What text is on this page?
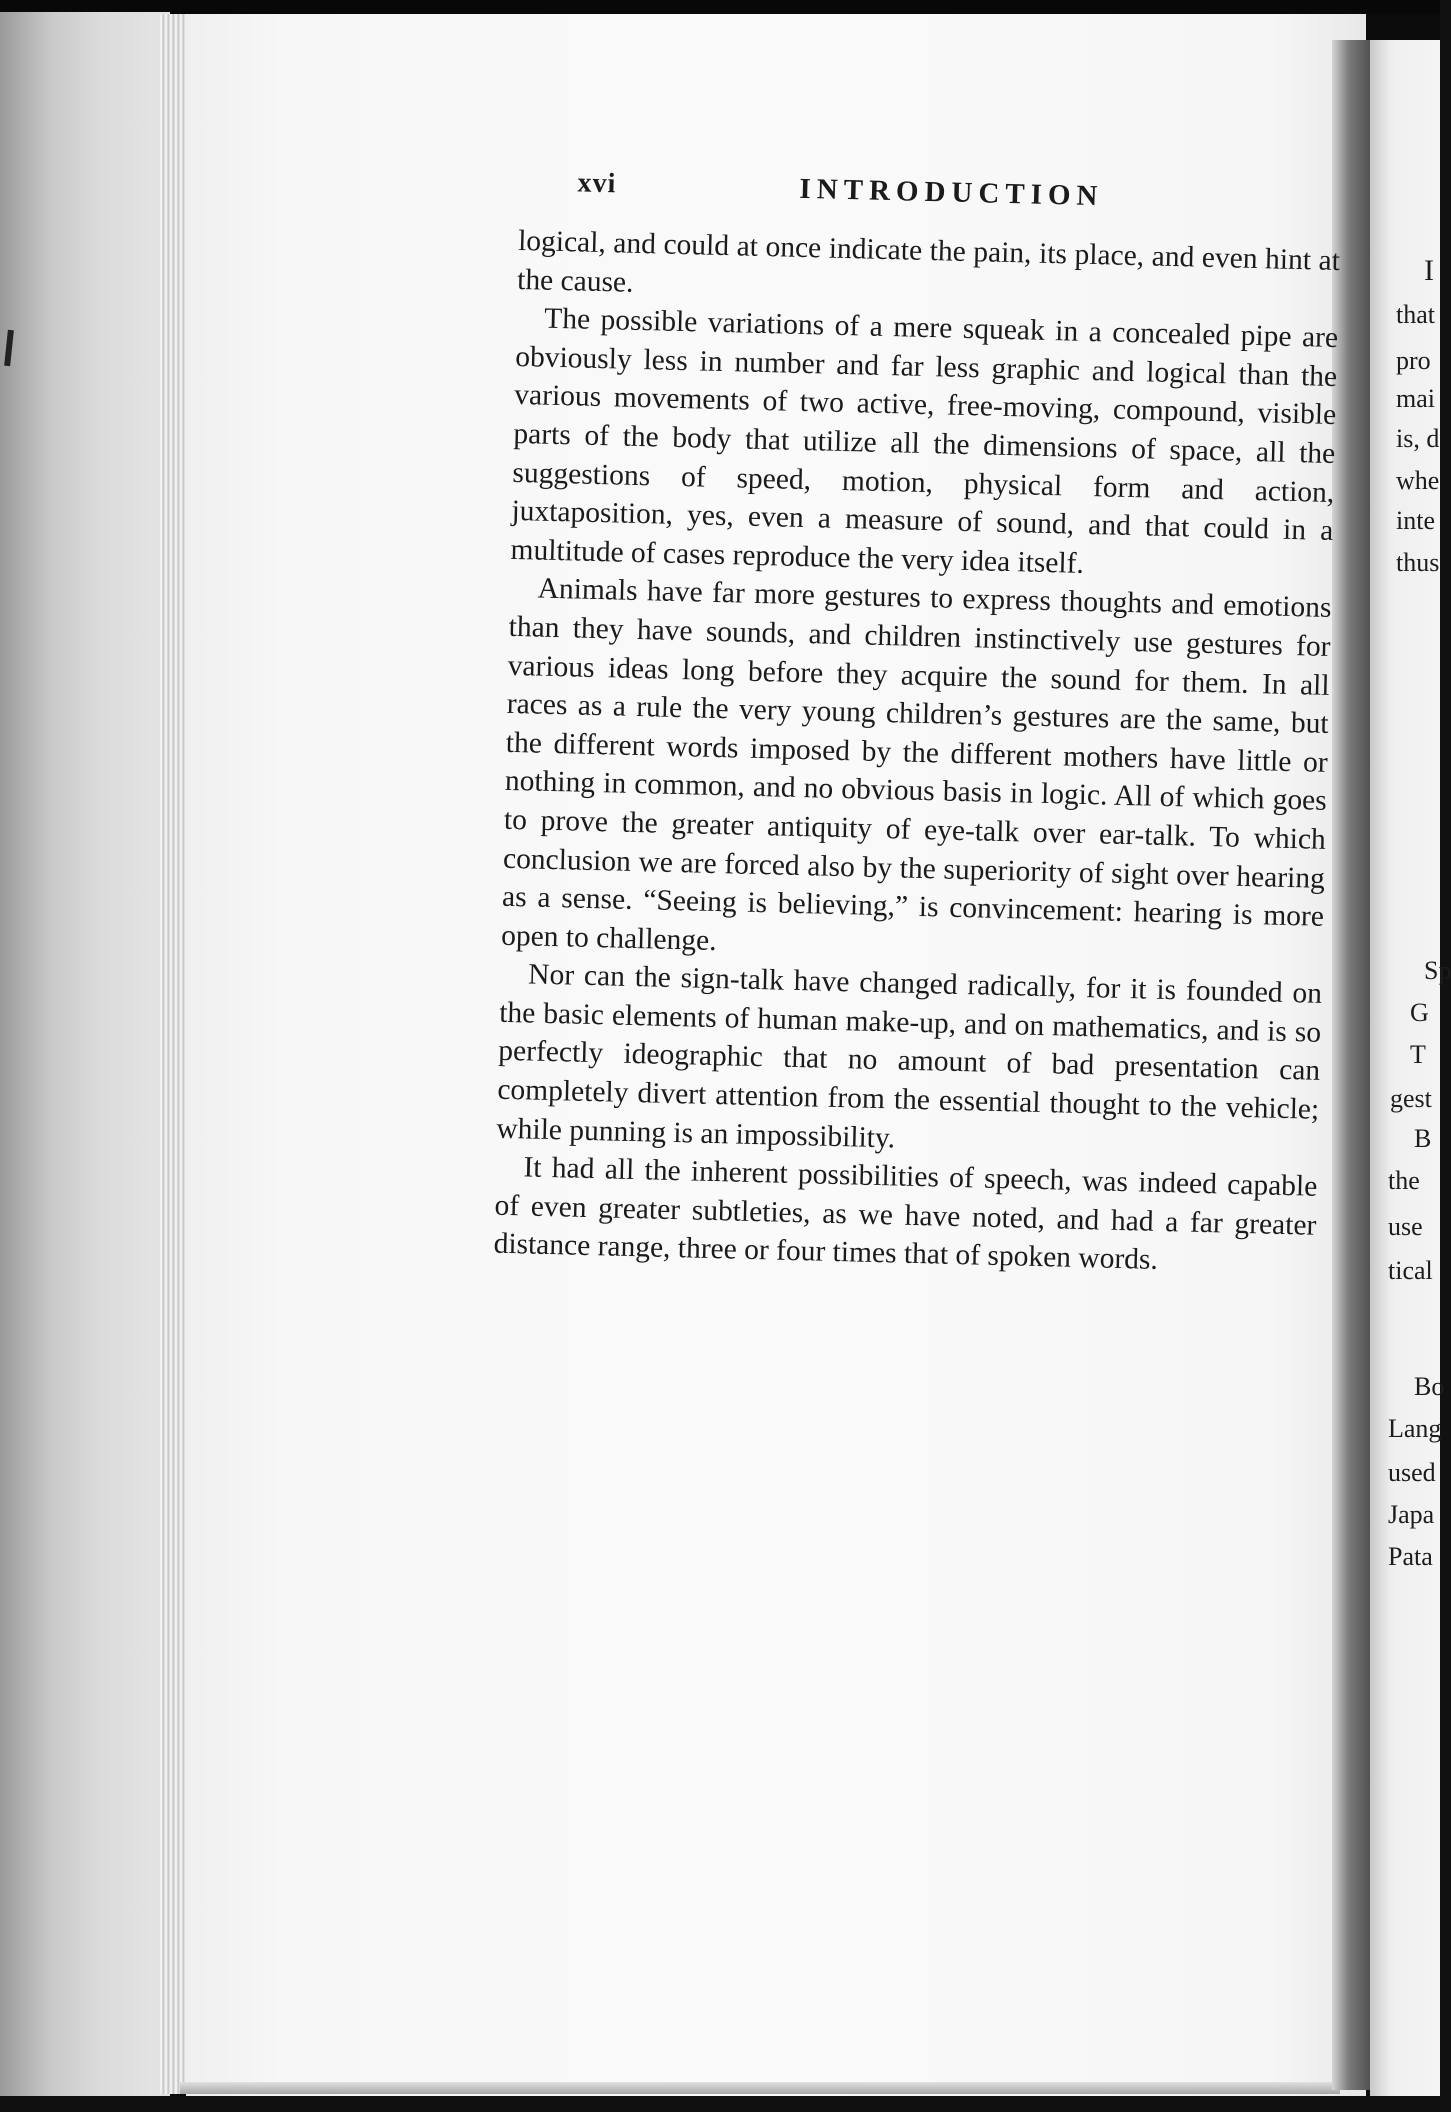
xvi	INTRODUCTION

logical, and could at once indicate the pain, its place, and even hint at the cause.

The possible variations of a mere squeak in a concealed pipe are obviously less in number and far less graphic and logical than the various movements of two active, free-moving, compound, visible parts of the body that utilize all the dimensions of space, all the suggestions of speed, motion, physical form and action, juxtaposition, yes, even a measure of sound, and that could in a multitude of cases reproduce the very idea itself.

Animals have far more gestures to express thoughts and emotions than they have sounds, and children instinctively use gestures for various ideas long before they acquire the sound for them. In all races as a rule the very young children’s gestures are the same, but the different words imposed by the different mothers have little or nothing in common, and no obvious basis in logic. All of which goes to prove the greater antiquity of eye-talk over ear-talk. To which conclusion we are forced also by the superiority of sight over hearing as a sense. “Seeing is believing,” is convincement: hearing is more open to challenge.

Nor can the sign-talk have changed radically, for it is founded on the basic elements of human make-up, and on mathematics, and is so perfectly ideographic that no amount of bad presentation can completely divert attention from the essential thought to the vehicle; while punning is an impossibility.

It had all the inherent possibilities of speech, was indeed capable of even greater subtleties, as we have noted, and had a far greater distance range, three or four times that of spoken words.

I
that
pro
mai
is, d
whe
inte
thus
Sp
G
T
gest
B
the
use
tical
Bo
Lang
used
Japa
Pata
